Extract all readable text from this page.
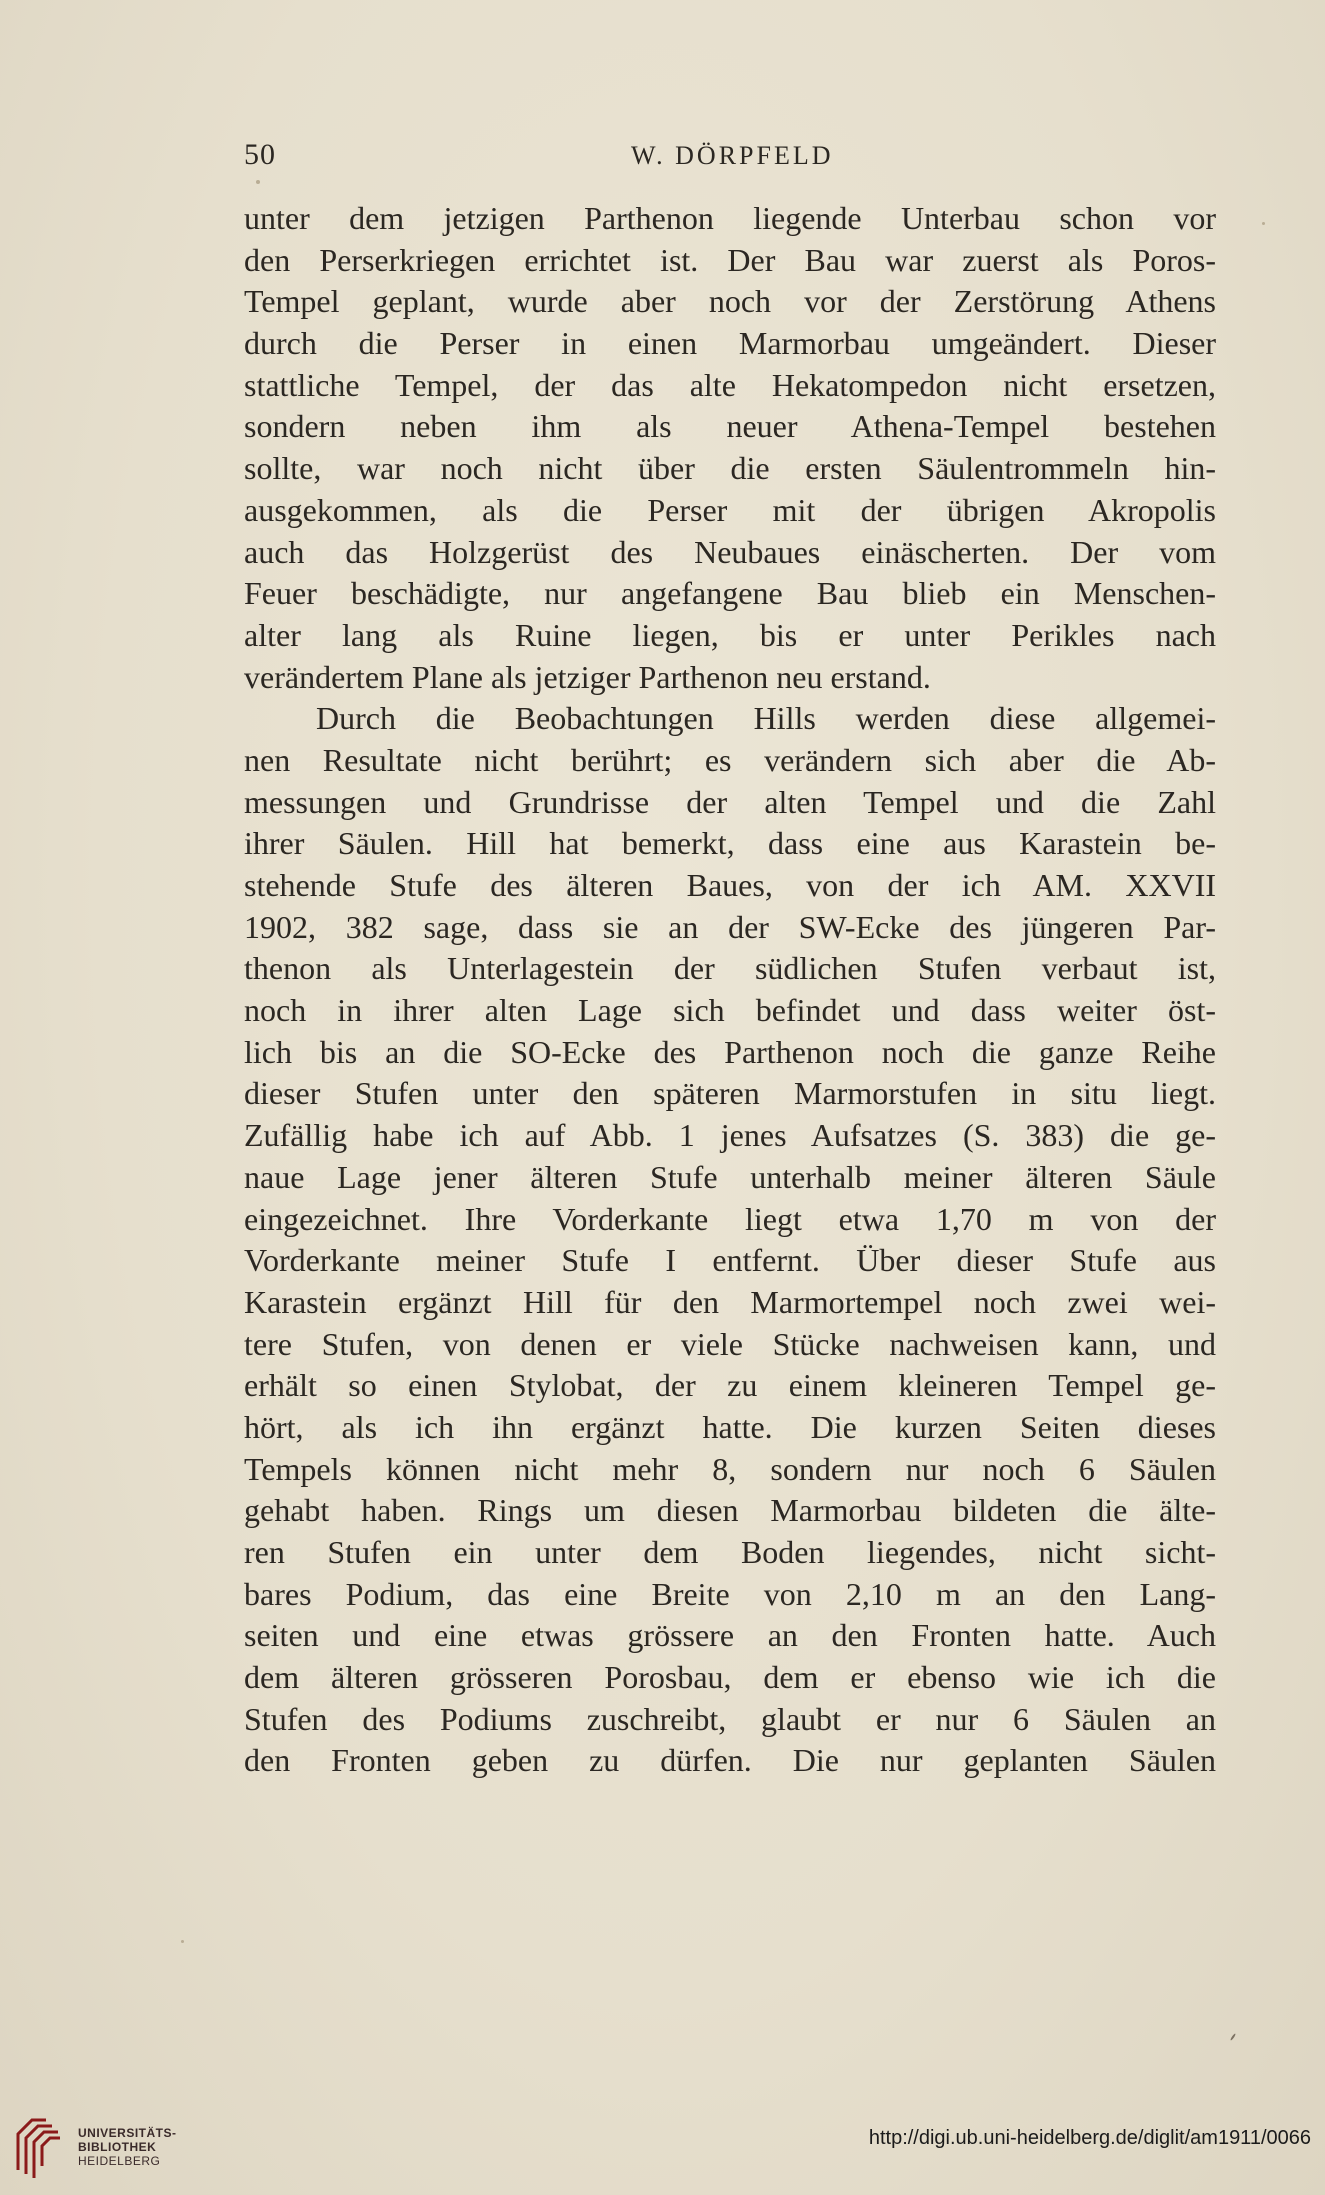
50	W. DÖRPFELD
unter dem jetzigen Parthenon liegende Unterbau schon vor
den Perserkriegen errichtet ist. Der Bau war zuerst als Poros-
Tempel geplant, wurde aber noch vor der Zerstörung Athens
durch die Perser in einen Marmorbau umgeändert. Dieser
stattliche Tempel, der das alte Hekatompedon nicht ersetzen,
sondern neben ihm als neuer Athena-Tempel bestehen
sollte, war noch nicht über die ersten Säulentrommeln hin-
ausgekommen, als die Perser mit der übrigen Akropolis
auch das Holzgerüst des Neubaues einäscherten. Der vom
Feuer beschädigte, nur angefangene Bau blieb ein Menschen-
alter lang als Ruine liegen, bis er unter Perikles nach
verändertem Plane als jetziger Parthenon neu erstand.
Durch die Beobachtungen Hills werden diese allgemei-
nen Resultate nicht berührt; es verändern sich aber die Ab-
messungen und Grundrisse der alten Tempel und die Zahl
ihrer Säulen. Hill hat bemerkt, dass eine aus Karastein be-
stehende Stufe des älteren Baues, von der ich AM. XXVII
1902, 382 sage, dass sie an der SW-Ecke des jüngeren Par-
thenon als Unterlagestein der südlichen Stufen verbaut ist,
noch in ihrer alten Lage sich befindet und dass weiter öst-
lich bis an die SO-Ecke des Parthenon noch die ganze Reihe
dieser Stufen unter den späteren Marmorstufen in situ liegt.
Zufällig habe ich auf Abb. 1 jenes Aufsatzes (S. 383) die ge-
naue Lage jener älteren Stufe unterhalb meiner älteren Säule
eingezeichnet. Ihre Vorderkante liegt etwa 1,70 m von der
Vorderkante meiner Stufe I entfernt. Über dieser Stufe aus
Karastein ergänzt Hill für den Marmortempel noch zwei wei-
tere Stufen, von denen er viele Stücke nachweisen kann, und
erhält so einen Stylobat, der zu einem kleineren Tempel ge-
hört, als ich ihn ergänzt hatte. Die kurzen Seiten dieses
Tempels können nicht mehr 8, sondern nur noch 6 Säulen
gehabt haben. Rings um diesen Marmorbau bildeten die älte-
ren Stufen ein unter dem Boden liegendes, nicht sicht-
bares Podium, das eine Breite von 2,10 m an den Lang-
seiten und eine etwas grössere an den Fronten hatte. Auch
dem älteren grösseren Porosbau, dem er ebenso wie ich die
Stufen des Podiums zuschreibt, glaubt er nur 6 Säulen an
den Fronten geben zu dürfen. Die nur geplanten Säulen
UNIVERSITÄTS-
BIBLIOTHEK
HEIDELBERG
http://digi.ub.uni-heidelberg.de/diglit/am1911/0066
